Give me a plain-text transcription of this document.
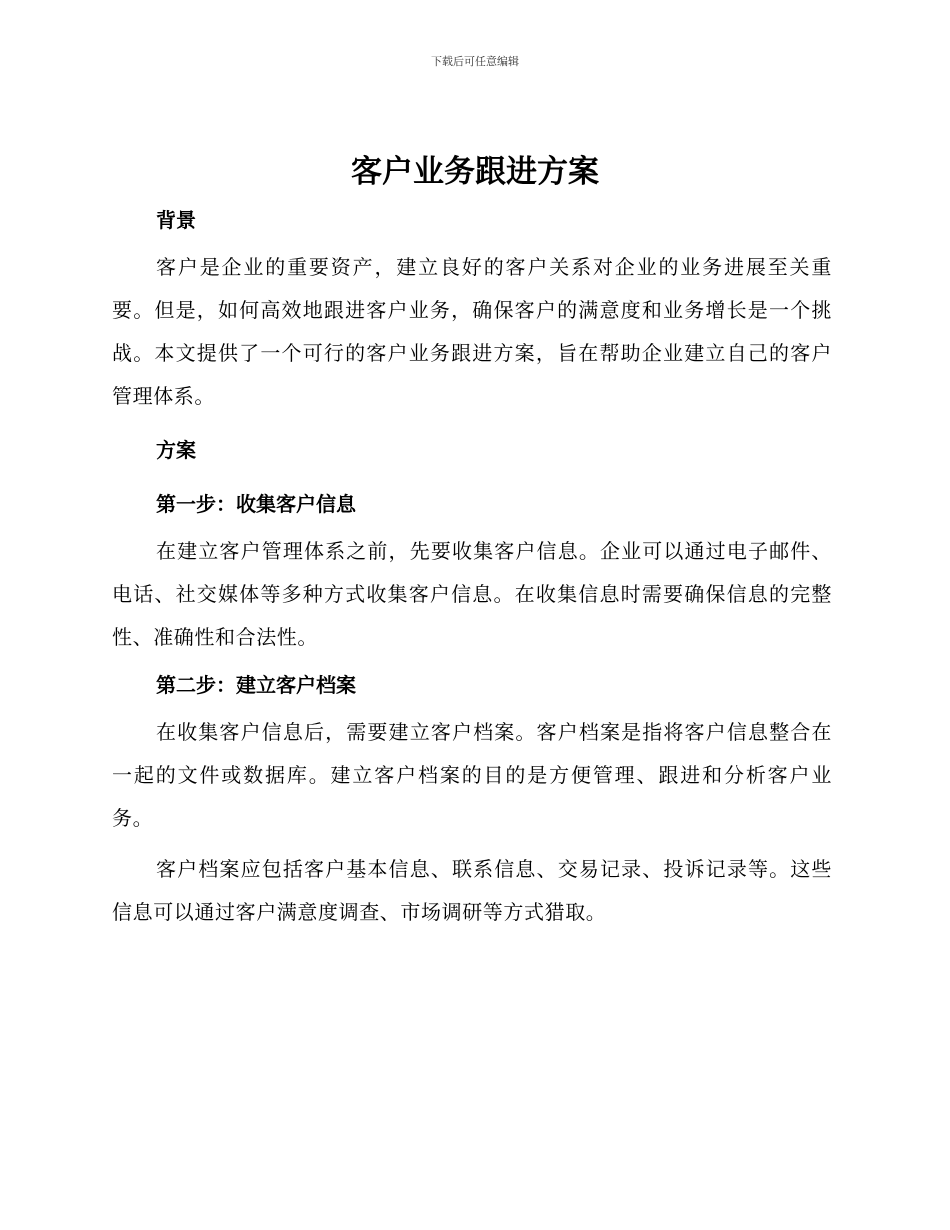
下载后可任意编辑
客户业务跟进方案
背景

客户是企业的重要资产，建立良好的客户关系对企业的业务进展至关重要。但是，如何高效地跟进客户业务，确保客户的满意度和业务增长是一个挑战。本文提供了一个可行的客户业务跟进方案，旨在帮助企业建立自己的客户管理体系。

方案
第一步：收集客户信息

在建立客户管理体系之前，先要收集客户信息。企业可以通过电子邮件、电话、社交媒体等多种方式收集客户信息。在收集信息时需要确保信息的完整性、准确性和合法性。

第二步：建立客户档案

在收集客户信息后，需要建立客户档案。客户档案是指将客户信息整合在一起的文件或数据库。建立客户档案的目的是方便管理、跟进和分析客户业务。

客户档案应包括客户基本信息、联系信息、交易记录、投诉记录等。这些信息可以通过客户满意度调查、市场调研等方式猎取。
